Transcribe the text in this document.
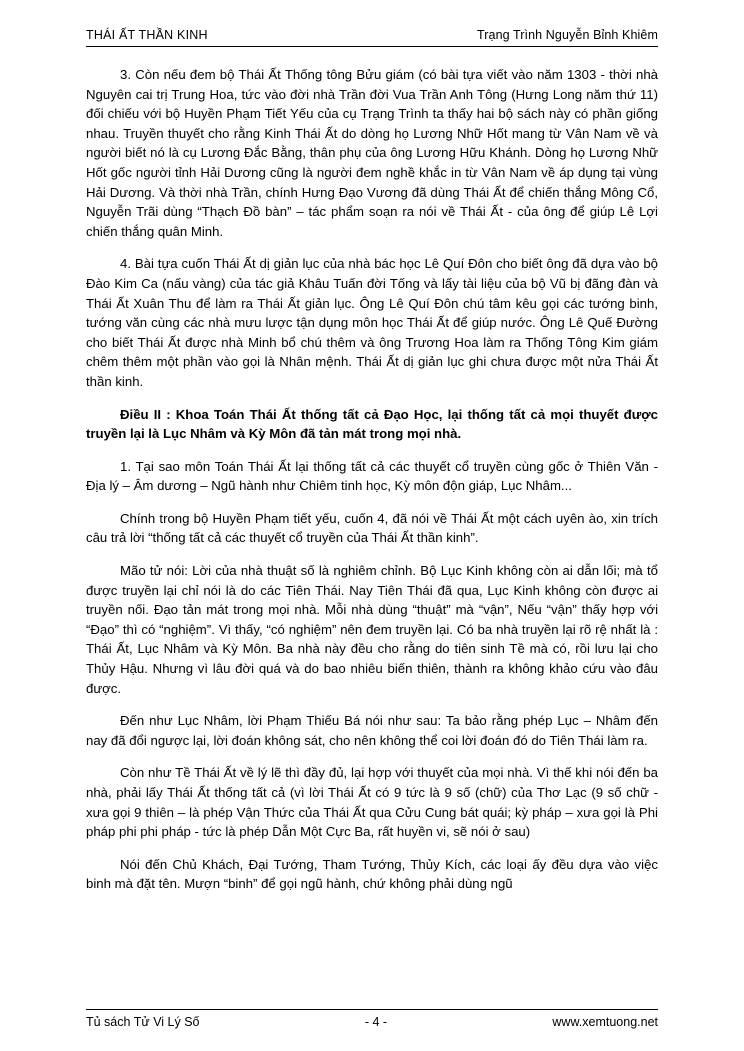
THÁI ẤT THẦN KINH	Trạng Trình Nguyễn Bỉnh Khiêm

3. Còn nếu đem bộ Thái Ất Thống tông Bửu giám (có bài tựa viết vào năm 1303 - thời nhà Nguyên cai trị Trung Hoa, tức vào đời nhà Trần đời Vua Trần Anh Tông (Hưng Long năm thứ 11) đối chiếu với bộ Huyền Phạm Tiết Yếu của cụ Trạng Trình ta thấy hai bộ sách này có phần giống nhau. Truyền thuyết cho rằng Kinh Thái Ất do dòng họ Lương Nhữ Hốt mang từ Vân Nam về và người biết nó là cụ Lương Đắc Bằng, thân phụ của ông Lương Hữu Khánh. Dòng họ Lương Nhữ Hốt gốc người tỉnh Hải Dương cũng là người đem nghề khắc in từ Vân Nam về áp dụng tại vùng Hải Dương. Và thời nhà Trần, chính Hưng Đạo Vương đã dùng Thái Ất để chiến thắng Mông Cổ, Nguyễn Trãi dùng “Thạch Đồ bàn” – tác phẩm soạn ra nói về Thái Ất - của ông để giúp Lê Lợi chiến thắng quân Minh.

4. Bài tựa cuốn Thái Ất dị giản lục của nhà bác học Lê Quí Đôn cho biết ông đã dựa vào bộ Đào Kim Ca (nấu vàng) của tác giả Khâu Tuấn đời Tống và lấy tài liệu của bộ Vũ bị đãng đàn và Thái Ất Xuân Thu để làm ra Thái Ất giản lục. Ông Lê Quí Đôn chú tâm kêu gọi các tướng binh, tướng văn cùng các nhà mưu lược tận dụng môn học Thái Ất để giúp nước. Ông Lê Quế Đường cho biết Thái Ất được nhà Minh bổ chú thêm và ông Trương Hoa làm ra Thống Tông Kim giám chêm thêm một phần vào gọi là Nhân mệnh. Thái Ất dị giản lục ghi chưa được một nửa Thái Ất thần kinh.

Điều II : Khoa Toán Thái Ất thống tất cả Đạo Học, lại thống tất cả mọi thuyết được truyền lại là Lục Nhâm và Kỳ Môn đã tản mát trong mọi nhà.

1. Tại sao môn Toán Thái Ất lại thống tất cả các thuyết cổ truyền cùng gốc ở Thiên Văn - Địa lý – Âm dương – Ngũ hành như Chiêm tinh học, Kỳ môn độn giáp, Lục Nhâm...

Chính trong bộ Huyền Phạm tiết yếu, cuốn 4, đã nói về Thái Ất một cách uyên ào, xin trích câu trả lời “thống tất cả các thuyết cổ truyền của Thái Ất thần kinh”.

Mão tử nói: Lời của nhà thuật số là nghiêm chỉnh. Bộ Lục Kinh không còn ai dẫn lối; mà tổ được truyền lại chỉ nói là do các Tiên Thái. Nay Tiên Thái đã qua, Lục Kinh không còn được ai truyền nối. Đạo tản mát trong mọi nhà. Mỗi nhà dùng “thuật” mà “vận”, Nếu “vận” thấy hợp với “Đạo” thì có “nghiệm”. Vì thấy, “có nghiệm” nên đem truyền lại. Có ba nhà truyền lại rõ rệ nhất là : Thái Ất, Lục Nhâm và Kỳ Môn. Ba nhà này đều cho rằng do tiên sinh Tề mà có, rồi lưu lại cho Thủy Hậu. Nhưng vì lâu đời quá và do bao nhiêu biến thiên, thành ra không khảo cứu vào đâu được.

Đến như Lục Nhâm, lời Phạm Thiếu Bá nói như sau: Ta bảo rằng phép Lục – Nhâm đến nay đã đổi ngược lại, lời đoán không sát, cho nên không thể coi lời đoán đó do Tiên Thái làm ra.

Còn như Tề Thái Ất về lý lẽ thì đầy đủ, lại hợp với thuyết của mọi nhà. Vì thế khi nói đến ba nhà, phải lấy Thái Ất thống tất cả (vì lời Thái Ất có 9 tức là 9 số (chữ) của Thơ Lạc (9 số chữ - xưa gọi 9 thiên – là phép Vận Thức của Thái Ất qua Cửu Cung bát quái; kỳ pháp – xưa gọi là Phi pháp phi phi pháp - tức là phép Dẫn Một Cực Ba, rất huyền vi, sẽ nói ở sau)

Nói đến Chủ Khách, Đại Tướng, Tham Tướng, Thủy Kích, các loại ấy đều dựa vào việc binh mà đặt tên. Mượn “binh” để gọi ngũ hành, chứ không phải dùng ngũ

Tủ sách Tử Vi Lý Số	- 4 -	www.xemtuong.net
